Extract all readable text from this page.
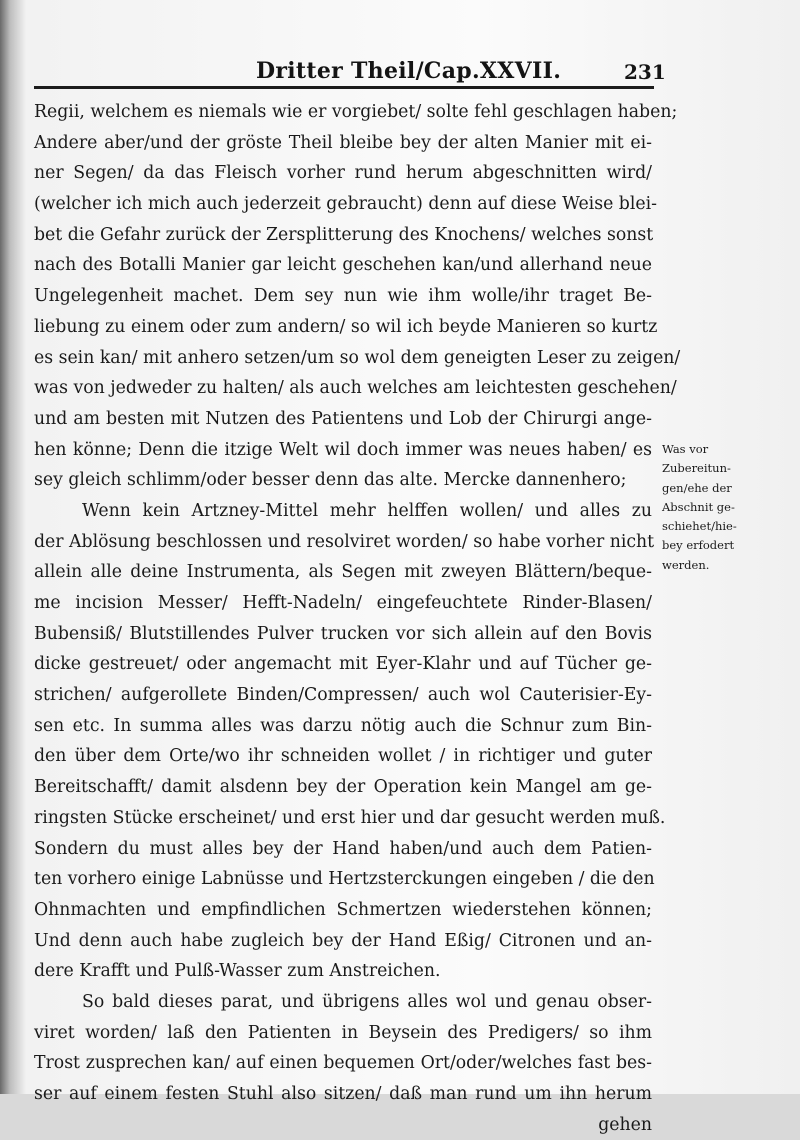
Dritter Theil/Cap.XXVII.	231
Regii, welchem es niemals wie er vorgiebet/ solte fehl geschlagen haben;
Andere aber/und der gröste Theil bleibe bey der alten Manier mit ei-
ner Segen/ da das Fleisch vorher rund herum abgeschnitten wird/
(welcher ich mich auch jederzeit gebraucht) denn auf diese Weise blei-
bet die Gefahr zurück der Zersplitterung des Knochens/ welches sonst
nach des Botalli Manier gar leicht geschehen kan/und allerhand neue
Ungelegenheit machet. Dem sey nun wie ihm wolle/ihr traget Be-
liebung zu einem oder zum andern/ so wil ich beyde Manieren so kurtz
es sein kan/ mit anhero setzen/um so wol dem geneigten Leser zu zeigen/
was von jedweder zu halten/ als auch welches am leichtesten geschehen/
und am besten mit Nutzen des Patientens und Lob der Chirurgi ange-
hen könne; Denn die itzige Welt wil doch immer was neues haben/ es
sey gleich schlimm/oder besser denn das alte. Mercke dannenhero;
Wenn kein Artzney-Mittel mehr helffen wollen/ und alles zu
der Ablösung beschlossen und resolviret worden/ so habe vorher nicht
allein alle deine Instrumenta, als Segen mit zweyen Blättern/beque-
me incision Messer/ Hefft-Nadeln/ eingefeuchtete Rinder-Blasen/
Bubensiß/ Blutstillendes Pulver trucken vor sich allein auf den Bovis
dicke gestreuet/ oder angemacht mit Eyer-Klahr und auf Tücher ge-
strichen/ aufgerollete Binden/Compressen/ auch wol Cauterisier-Ey-
sen etc. In summa alles was darzu nötig auch die Schnur zum Bin-
den über dem Orte/wo ihr schneiden wollet / in richtiger und guter
Bereitschafft/ damit alsdenn bey der Operation kein Mangel am ge-
ringsten Stücke erscheinet/ und erst hier und dar gesucht werden muß.
Sondern du must alles bey der Hand haben/und auch dem Patien-
ten vorhero einige Labnüsse und Hertzsterckungen eingeben / die den
Ohnmachten und empfindlichen Schmertzen wiederstehen können;
Und denn auch habe zugleich bey der Hand Eßig/ Citronen und an-
dere Krafft und Pulß-Wasser zum Anstreichen.
So bald dieses parat, und übrigens alles wol und genau obser-
viret worden/ laß den Patienten in Beysein des Predigers/ so ihm
Trost zusprechen kan/ auf einen bequemen Ort/oder/welches fast bes-
ser auf einem festen Stuhl also sitzen/ daß man rund um ihn herum
gehen
Was vor
Zubereitun-
gen/ehe der
Abschnit ge-
schiehet/hie-
bey erfodert
werden.
